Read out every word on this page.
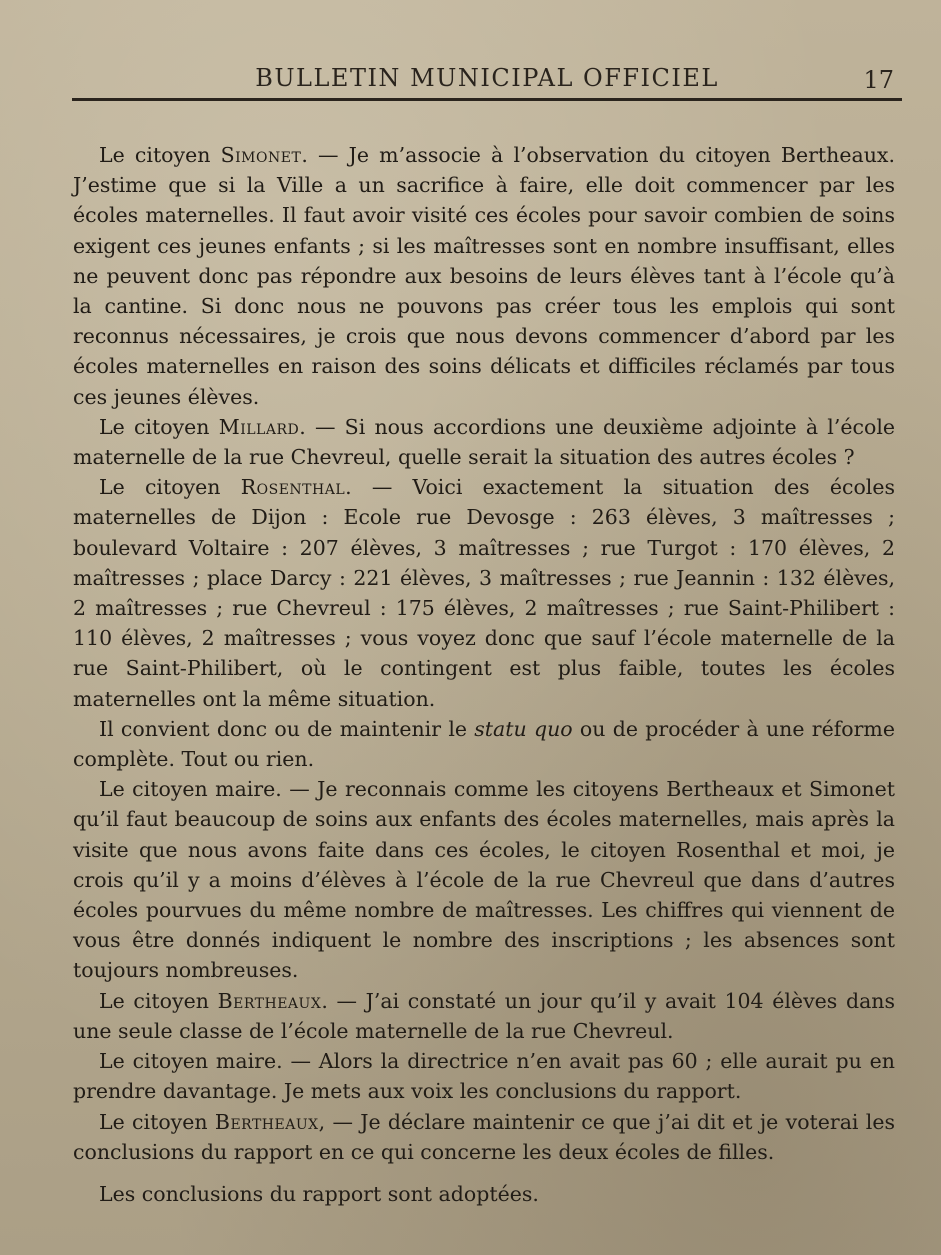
BULLETIN MUNICIPAL OFFICIEL	17

Le citoyen Simonet. — Je m’associe à l’observation du citoyen Bertheaux. J’estime que si la Ville a un sacrifice à faire, elle doit commencer par les écoles maternelles. Il faut avoir visité ces écoles pour savoir combien de soins exigent ces jeunes enfants ; si les maîtresses sont en nombre insuffisant, elles ne peuvent donc pas répondre aux besoins de leurs élèves tant à l’école qu’à la cantine. Si donc nous ne pouvons pas créer tous les emplois qui sont reconnus nécessaires, je crois que nous devons commencer d’abord par les écoles maternelles en raison des soins délicats et difficiles réclamés par tous ces jeunes élèves.

Le citoyen Millard. — Si nous accordions une deuxième adjointe à l’école maternelle de la rue Chevreul, quelle serait la situation des autres écoles ?

Le citoyen Rosenthal. — Voici exactement la situation des écoles maternelles de Dijon : Ecole rue Devosge : 263 élèves, 3 maîtresses ; boulevard Voltaire : 207 élèves, 3 maîtresses ; rue Turgot : 170 élèves, 2 maîtresses ; place Darcy : 221 élèves, 3 maîtresses ; rue Jeannin : 132 élèves, 2 maîtresses ; rue Chevreul : 175 élèves, 2 maîtresses ; rue Saint-Philibert : 110 élèves, 2 maîtresses ; vous voyez donc que sauf l’école maternelle de la rue Saint-Philibert, où le contingent est plus faible, toutes les écoles maternelles ont la même situation.

Il convient donc ou de maintenir le statu quo ou de procéder à une réforme complète. Tout ou rien.

Le citoyen maire. — Je reconnais comme les citoyens Bertheaux et Simonet qu’il faut beaucoup de soins aux enfants des écoles maternelles, mais après la visite que nous avons faite dans ces écoles, le citoyen Rosenthal et moi, je crois qu’il y a moins d’élèves à l’école de la rue Chevreul que dans d’autres écoles pourvues du même nombre de maîtresses. Les chiffres qui viennent de vous être donnés indiquent le nombre des inscriptions ; les absences sont toujours nombreuses.

Le citoyen Bertheaux. — J’ai constaté un jour qu’il y avait 104 élèves dans une seule classe de l’école maternelle de la rue Chevreul.

Le citoyen maire. — Alors la directrice n’en avait pas 60 ; elle aurait pu en prendre davantage. Je mets aux voix les conclusions du rapport.

Le citoyen Bertheaux, — Je déclare maintenir ce que j’ai dit et je voterai les conclusions du rapport en ce qui concerne les deux écoles de filles.

Les conclusions du rapport sont adoptées.
